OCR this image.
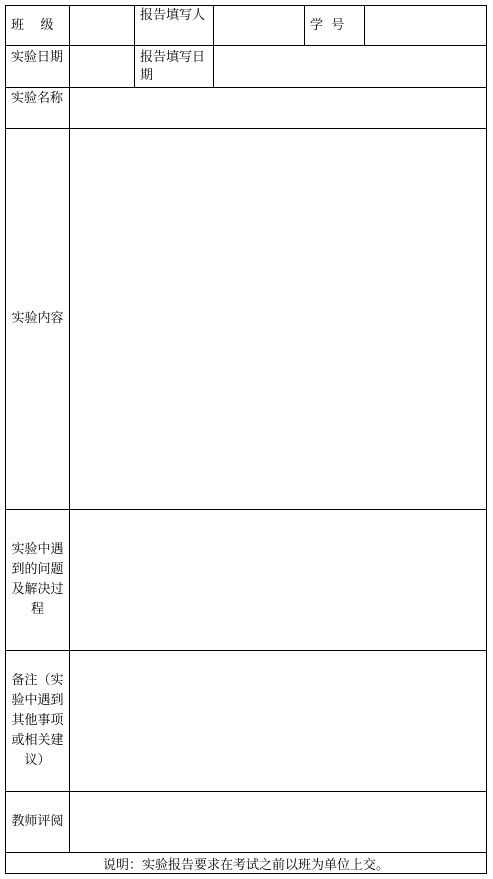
班    级
报告填写人
学  号
实验日期	报告填写日期
实验名称
实验内容
实验中遇到的问题及解决过程
备注（实验中遇到其他事项或相关建议）
教师评阅
说明：实验报告要求在考试之前以班为单位上交。
